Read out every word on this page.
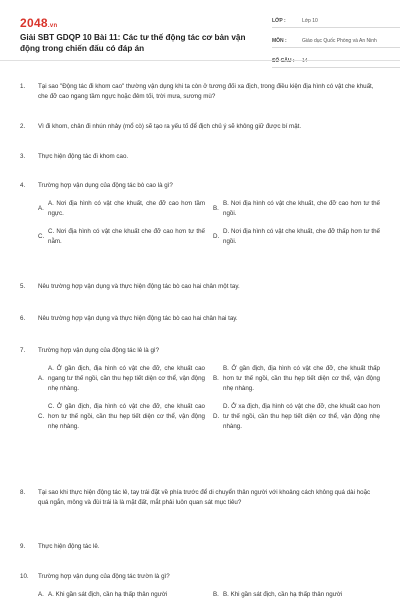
2048.vn
Giải SBT GDQP 10 Bài 11: Các tư thế động tác cơ bản vận động trong chiến đấu có đáp án
LỚP :	Lớp 10
MÔN :	Giáo dục Quốc Phòng và An Ninh
SỐ CÂU :	14
1.	Tại sao "Động tác đi khom cao" thường vận dụng khi ta còn ở tương đối xa địch, trong điều kiện địa hình có vật che khuất, che đỡ cao ngang tầm ngực hoặc đêm tối, trời mưa, sương mù?
2.	Vì đi khom, chân đi nhún nhảy (mổ cò) sẽ tạo ra yếu tố để địch chủ ý sẽ không giữ được bí mật.
3.	Thực hiện động tác đi khom cao.
4.	Trường hợp vận dụng của động tác bò cao là gì?
A.
A. Nơi địa hình có vật che khuất, che đỡ cao hơn tầm ngực.
B.
B. Nơi địa hình có vật che khuất, che đỡ cao hơn tư thế ngồi.
C.
C. Nơi địa hình có vật che khuất che đỡ cao hơn tư thế nằm.
D.
D. Nơi địa hình có vật che khuất, che đỡ thấp hơn tư thế ngồi.
5.	Nêu trường hợp vận dụng và thực hiện động tác bò cao hai chân một tay.
6.	Nêu trường hợp vận dụng và thực hiện động tác bò cao hai chân hai tay.
7.	Trường hợp vận dụng của động tác lê là gì?
A.
A. Ở gần địch, địa hình có vật che đỡ, che khuất cao ngang tư thế ngồi, cần thu hẹp tiết diện cơ thể, vận động nhẹ nhàng.
B.
B. Ở gần địch, địa hình có vật che đỡ, che khuất thấp hơn tư thế ngồi, cần thu hẹp tiết diện cơ thể, vận động nhẹ nhàng.
C.
C. Ở gần địch, địa hình có vật che đỡ, che khuất cao hơn tư thế ngồi, cần thu hẹp tiết diện cơ thể, vận động nhẹ nhàng.
D.
D. Ở xa địch, địa hình có vật che đỡ, che khuất cao hơn tư thế ngồi, cần thu hẹp tiết diện cơ thể, vận động nhẹ nhàng.
8.	Tại sao khi thực hiện động tác lê, tay trái đặt về phía trước để di chuyển thân người với khoảng cách không quá dài hoặc quá ngắn, mông và đùi trái là là mặt đất, mắt phải luôn quan sát mục tiêu?
9.	Thực hiện động tác lê.
10.	Trường hợp vận dụng của động tác trườn là gì?
A. A. Khi gần sát địch, cần hạ thấp thân người	B. B. Khi gần sát địch, cần hạ thấp thân người
